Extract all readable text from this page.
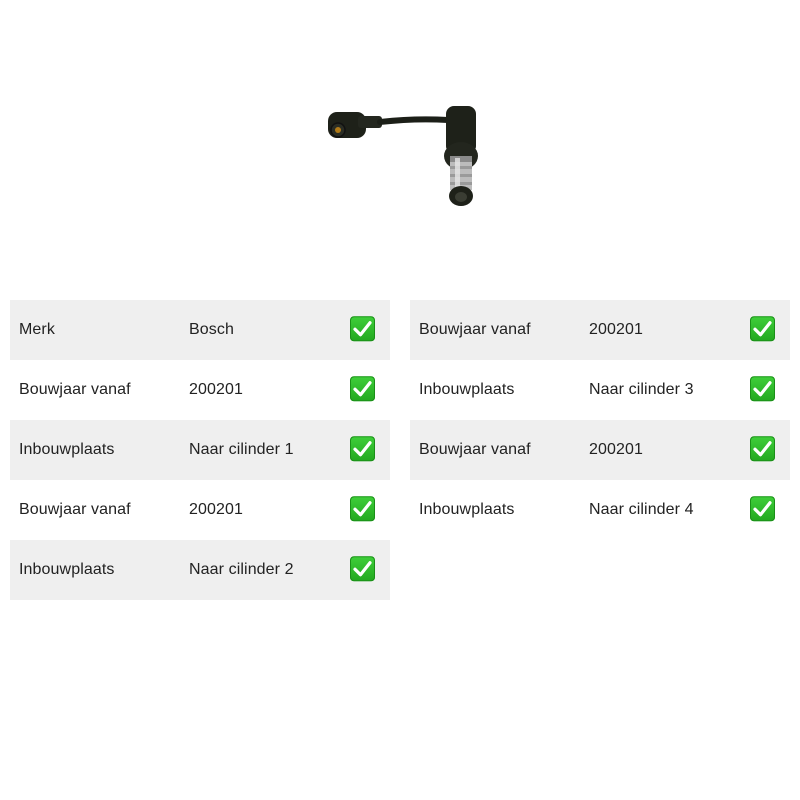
Merk	Bosch
Bouwjaar vanaf	200201
Inbouwplaats	Naar cilinder 1
Bouwjaar vanaf	200201
Inbouwplaats	Naar cilinder 2
Bouwjaar vanaf	200201
Inbouwplaats	Naar cilinder 3
Bouwjaar vanaf	200201
Inbouwplaats	Naar cilinder 4
